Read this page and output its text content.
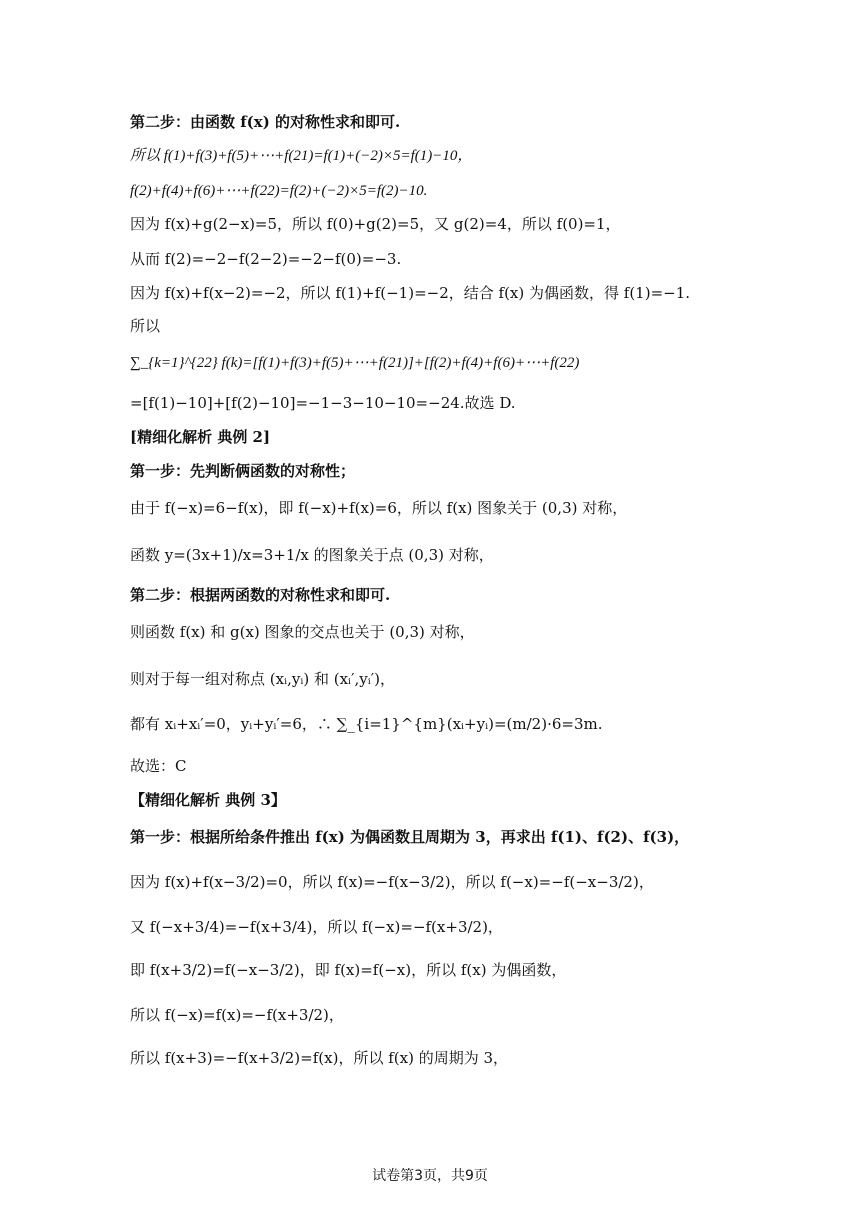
第二步：由函数 f(x) 的对称性求和即可.
所以 f(1)+f(3)+f(5)+⋯+f(21)=f(1)+(−2)×5=f(1)−10，
f(2)+f(4)+f(6)+⋯+f(22)=f(2)+(−2)×5=f(2)−10.
因为 f(x)+g(2−x)=5，所以 f(0)+g(2)=5，又 g(2)=4，所以 f(0)=1，
从而 f(2)=−2−f(2−2)=−2−f(0)=−3.
因为 f(x)+f(x−2)=−2，所以 f(1)+f(−1)=−2，结合 f(x) 为偶函数，得 f(1)=−1.
所以
∑_{k=1}^{22} f(k)=[f(1)+f(3)+f(5)+⋯+f(21)]+[f(2)+f(4)+f(6)+⋯+f(22)
=[f(1)−10]+[f(2)−10]=−1−3−10−10=−24.故选 D.
[精细化解析 典例 2]
第一步：先判断俩函数的对称性；
由于 f(−x)=6−f(x)，即 f(−x)+f(x)=6，所以 f(x) 图象关于 (0,3) 对称，
函数 y=(3x+1)/x=3+1/x 的图象关于点 (0,3) 对称，
第二步：根据两函数的对称性求和即可.
则函数 f(x) 和 g(x) 图象的交点也关于 (0,3) 对称，
则对于每一组对称点 (xᵢ,yᵢ) 和 (xᵢ′,yᵢ′)，
都有 xᵢ+xᵢ′=0，yᵢ+yᵢ′=6，∴ ∑_{i=1}^{m}(xᵢ+yᵢ)=(m/2)·6=3m.
故选：C
【精细化解析 典例 3】
第一步：根据所给条件推出 f(x) 为偶函数且周期为 3，再求出 f(1)、f(2)、f(3)，
因为 f(x)+f(x−3/2)=0，所以 f(x)=−f(x−3/2)，所以 f(−x)=−f(−x−3/2)，
又 f(−x+3/4)=−f(x+3/4)，所以 f(−x)=−f(x+3/2)，
即 f(x+3/2)=f(−x−3/2)，即 f(x)=f(−x)，所以 f(x) 为偶函数，
所以 f(−x)=f(x)=−f(x+3/2)，
所以 f(x+3)=−f(x+3/2)=f(x)，所以 f(x) 的周期为 3，
试卷第3页，共9页
